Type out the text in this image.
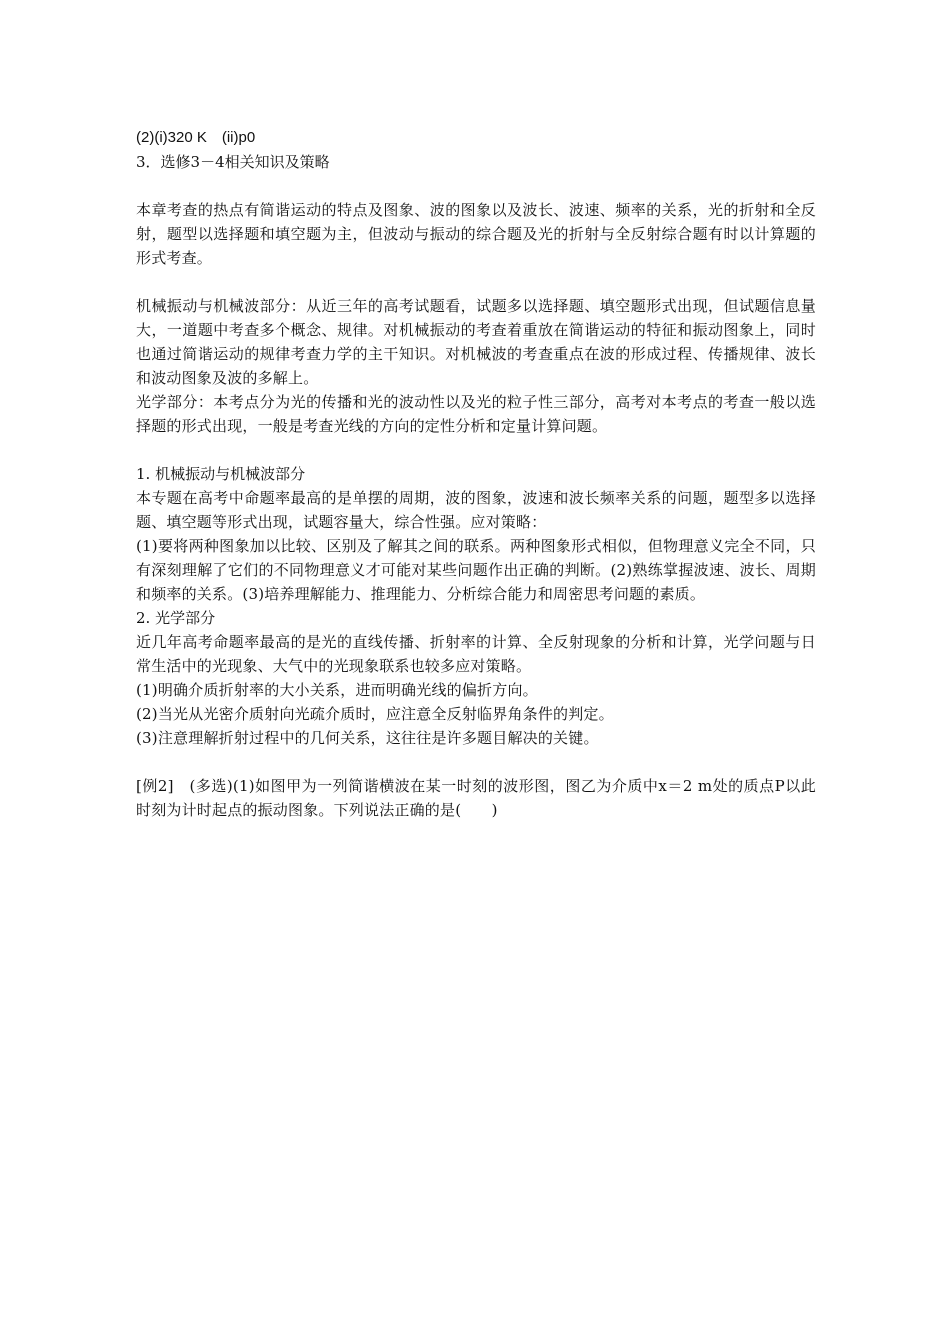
(2)(i)320 K　(ii)p0

3．选修3－4相关知识及策略

本章考查的热点有简谐运动的特点及图象、波的图象以及波长、波速、频率的关系，光的折射和全反射，题型以选择题和填空题为主，但波动与振动的综合题及光的折射与全反射综合题有时以计算题的形式考查。

机械振动与机械波部分：从近三年的高考试题看，试题多以选择题、填空题形式出现，但试题信息量大，一道题中考查多个概念、规律。对机械振动的考查着重放在简谐运动的特征和振动图象上，同时也通过简谐运动的规律考查力学的主干知识。对机械波的考查重点在波的形成过程、传播规律、波长和波动图象及波的多解上。

光学部分：本考点分为光的传播和光的波动性以及光的粒子性三部分，高考对本考点的考查一般以选择题的形式出现，一般是考查光线的方向的定性分析和定量计算问题。

1. 机械振动与机械波部分

本专题在高考中命题率最高的是单摆的周期，波的图象，波速和波长频率关系的问题，题型多以选择题、填空题等形式出现，试题容量大，综合性强。应对策略：

(1)要将两种图象加以比较、区别及了解其之间的联系。两种图象形式相似，但物理意义完全不同，只有深刻理解了它们的不同物理意义才可能对某些问题作出正确的判断。(2)熟练掌握波速、波长、周期和频率的关系。(3)培养理解能力、推理能力、分析综合能力和周密思考问题的素质。

2. 光学部分

近几年高考命题率最高的是光的直线传播、折射率的计算、全反射现象的分析和计算，光学问题与日常生活中的光现象、大气中的光现象联系也较多应对策略。

(1)明确介质折射率的大小关系，进而明确光线的偏折方向。

(2)当光从光密介质射向光疏介质时，应注意全反射临界角条件的判定。

(3)注意理解折射过程中的几何关系，这往往是许多题目解决的关键。

[例2]　(多选)(1)如图甲为一列简谐横波在某一时刻的波形图，图乙为介质中x＝2 m处的质点P以此时刻为计时起点的振动图象。下列说法正确的是(　　)
